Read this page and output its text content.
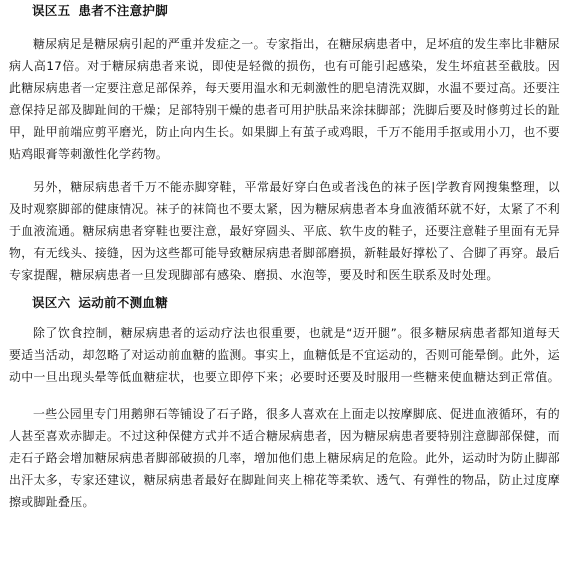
误区五 患者不注意护脚

糖尿病足是糖尿病引起的严重并发症之一。专家指出，在糖尿病患者中，足坏疽的发生率比非糖尿病人高17倍。对于糖尿病患者来说，即使是轻微的损伤，也有可能引起感染，发生坏疽甚至截肢。因此糖尿病患者一定要注意足部保养，每天要用温水和无刺激性的肥皂清洗双脚，水温不要过高。还要注意保持足部及脚趾间的干燥；足部特别干燥的患者可用护肤品来涂抹脚部；洗脚后要及时修剪过长的趾甲，趾甲前端应剪平磨光，防止向内生长。如果脚上有茧子或鸡眼，千万不能用手抠或用小刀，也不要贴鸡眼膏等刺激性化学药物。

另外，糖尿病患者千万不能赤脚穿鞋，平常最好穿白色或者浅色的袜子医|学教育网搜集整理，以及时观察脚部的健康情况。袜子的袜筒也不要太紧，因为糖尿病患者本身血液循环就不好，太紧了不利于血液流通。糖尿病患者穿鞋也要注意，最好穿圆头、平底、软牛皮的鞋子，还要注意鞋子里面有无异物，有无线头、接缝，因为这些都可能导致糖尿病患者脚部磨损，新鞋最好撑松了、合脚了再穿。最后专家提醒，糖尿病患者一旦发现脚部有感染、磨损、水泡等，要及时和医生联系及时处理。

误区六 运动前不测血糖

除了饮食控制，糖尿病患者的运动疗法也很重要，也就是“迈开腿”。很多糖尿病患者都知道每天要适当活动，却忽略了对运动前血糖的监测。事实上，血糖低是不宜运动的，否则可能晕倒。此外，运动中一旦出现头晕等低血糖症状，也要立即停下来；必要时还要及时服用一些糖来使血糖达到正常值。

一些公园里专门用鹅卵石等铺设了石子路，很多人喜欢在上面走以按摩脚底、促进血液循环，有的人甚至喜欢赤脚走。不过这种保健方式并不适合糖尿病患者，因为糖尿病患者要特别注意脚部保健，而走石子路会增加糖尿病患者脚部破损的几率，增加他们患上糖尿病足的危险。此外，运动时为防止脚部出汗太多，专家还建议，糖尿病患者最好在脚趾间夹上棉花等柔软、透气、有弹性的物品，防止过度摩擦或脚趾叠压。
